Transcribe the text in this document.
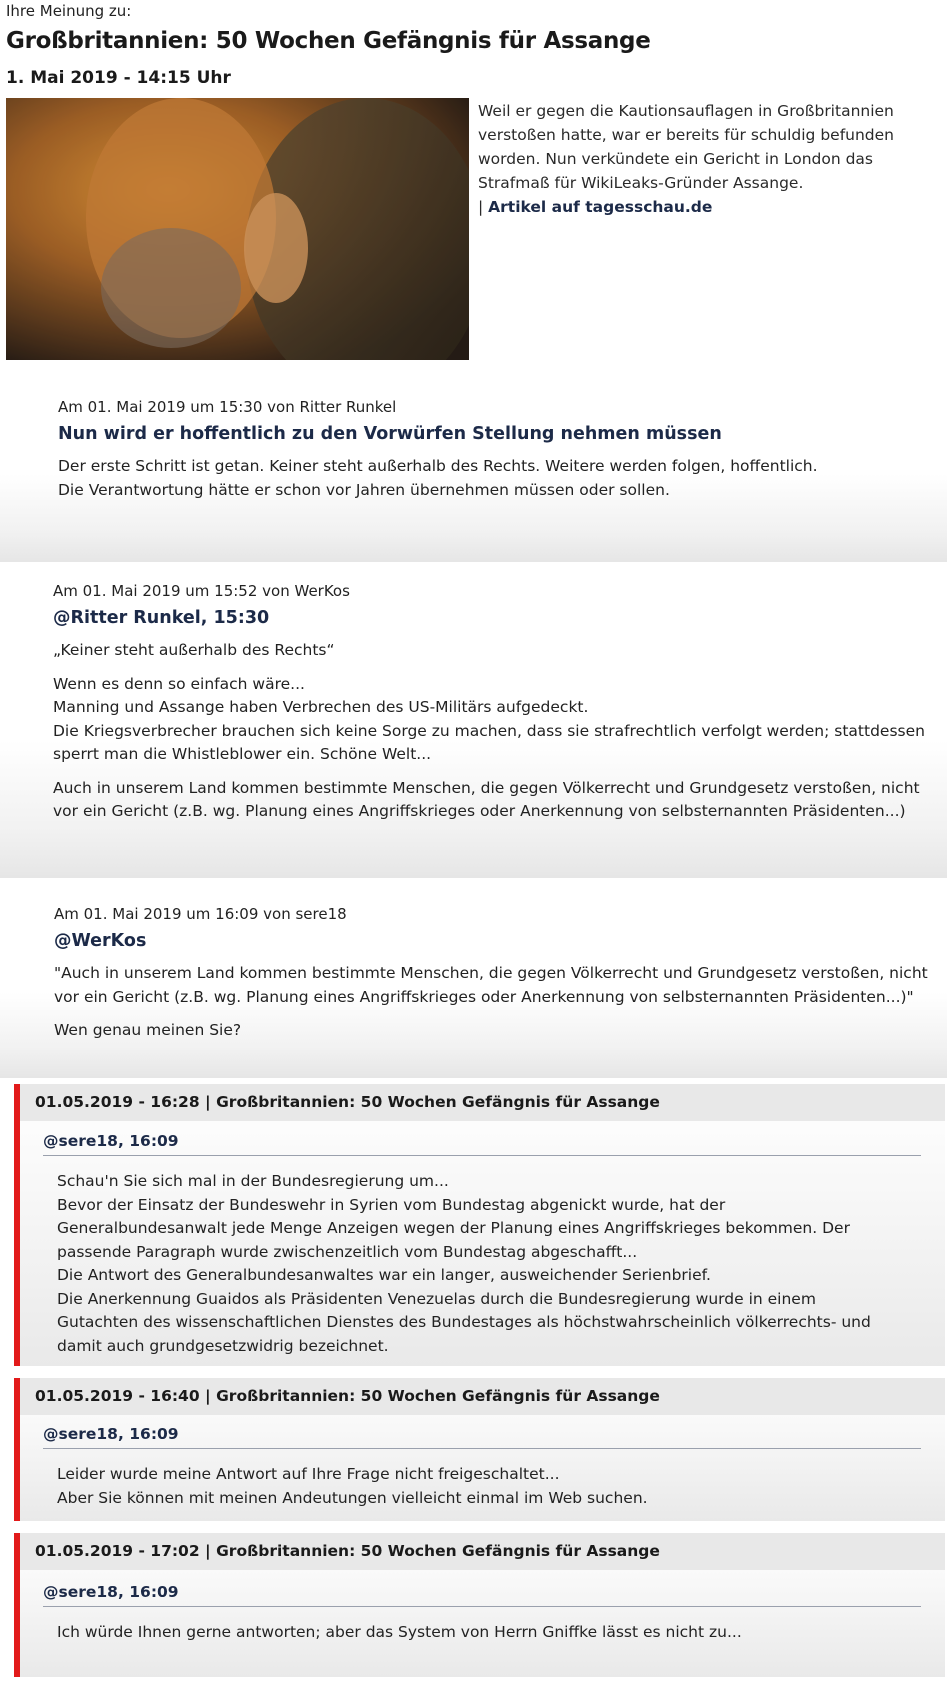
Ihre Meinung zu:
Großbritannien: 50 Wochen Gefängnis für Assange
1. Mai 2019 - 14:15 Uhr
Weil er gegen die Kautionsauflagen in Großbritannien verstoßen hatte, war er bereits für schuldig befunden worden. Nun verkündete ein Gericht in London das Strafmaß für WikiLeaks-Gründer Assange.
| Artikel auf tagesschau.de
Am 01. Mai 2019 um 15:30 von Ritter Runkel
Nun wird er hoffentlich zu den Vorwürfen Stellung nehmen müssen
Der erste Schritt ist getan. Keiner steht außerhalb des Rechts. Weitere werden folgen, hoffentlich.
Die Verantwortung hätte er schon vor Jahren übernehmen müssen oder sollen.
Am 01. Mai 2019 um 15:52 von WerKos
@Ritter Runkel, 15:30

„Keiner steht außerhalb des Rechts“

Wenn es denn so einfach wäre...
Manning und Assange haben Verbrechen des US-Militärs aufgedeckt.

Die Kriegsverbrecher brauchen sich keine Sorge zu machen, dass sie strafrechtlich verfolgt werden; stattdessen sperrt man die Whistleblower ein. Schöne Welt...

Auch in unserem Land kommen bestimmte Menschen, die gegen Völkerrecht und Grundgesetz verstoßen, nicht vor ein Gericht (z.B. wg. Planung eines Angriffskrieges oder Anerkennung von selbsternannten Präsidenten...)

Am 01. Mai 2019 um 16:09 von sere18
@WerKos

"Auch in unserem Land kommen bestimmte Menschen, die gegen Völkerrecht und Grundgesetz verstoßen, nicht vor ein Gericht (z.B. wg. Planung eines Angriffskrieges oder Anerkennung von selbsternannten Präsidenten...)"

Wen genau meinen Sie?

01.05.2019 - 16:28 | Großbritannien: 50 Wochen Gefängnis für Assange
@sere18, 16:09
Schau'n Sie sich mal in der Bundesregierung um...
Bevor der Einsatz der Bundeswehr in Syrien vom Bundestag abgenickt wurde, hat der Generalbundesanwalt jede Menge Anzeigen wegen der Planung eines Angriffskrieges bekommen. Der passende Paragraph wurde zwischenzeitlich vom Bundestag abgeschafft...
Die Antwort des Generalbundesanwaltes war ein langer, ausweichender Serienbrief.
Die Anerkennung Guaidos als Präsidenten Venezuelas durch die Bundesregierung wurde in einem Gutachten des wissenschaftlichen Dienstes des Bundestages als höchstwahrscheinlich völkerrechts- und damit auch grundgesetzwidrig bezeichnet.
01.05.2019 - 16:40 | Großbritannien: 50 Wochen Gefängnis für Assange
@sere18, 16:09
Leider wurde meine Antwort auf Ihre Frage nicht freigeschaltet...
Aber Sie können mit meinen Andeutungen vielleicht einmal im Web suchen.
01.05.2019 - 17:02 | Großbritannien: 50 Wochen Gefängnis für Assange
@sere18, 16:09
Ich würde Ihnen gerne antworten; aber das System von Herrn Gniffke lässt es nicht zu...
